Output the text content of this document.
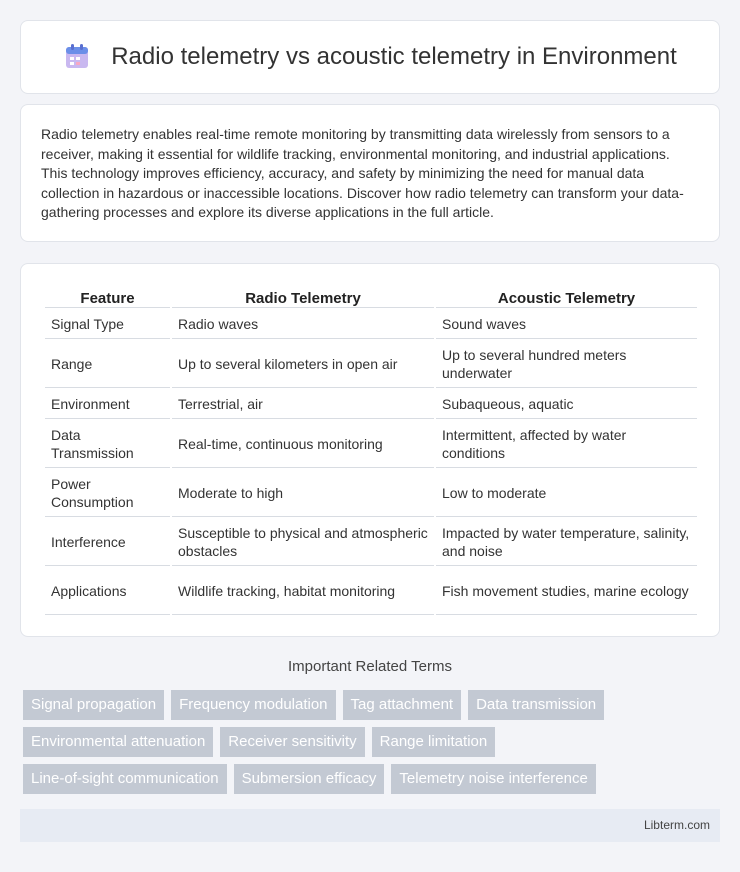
Radio telemetry vs acoustic telemetry in Environment

Radio telemetry enables real-time remote monitoring by transmitting data wirelessly from sensors to a receiver, making it essential for wildlife tracking, environmental monitoring, and industrial applications. This technology improves efficiency, accuracy, and safety by minimizing the need for manual data collection in hazardous or inaccessible locations. Discover how radio telemetry can transform your data-gathering processes and explore its diverse applications in the full article.

Feature	Radio Telemetry	Acoustic Telemetry
Signal Type	Radio waves	Sound waves
Range	Up to several kilometers in open air	Up to several hundred meters underwater
Environment	Terrestrial, air	Subaqueous, aquatic
Data Transmission	Real-time, continuous monitoring	Intermittent, affected by water conditions
Power Consumption	Moderate to high	Low to moderate
Interference	Susceptible to physical and atmospheric obstacles	Impacted by water temperature, salinity, and noise
Applications	Wildlife tracking, habitat monitoring	Fish movement studies, marine ecology
Important Related Terms
Signal propagation	Frequency modulation	Tag attachment	Data transmission
Environmental attenuation	Receiver sensitivity	Range limitation
Line-of-sight communication	Submersion efficacy	Telemetry noise interference
Libterm.com
